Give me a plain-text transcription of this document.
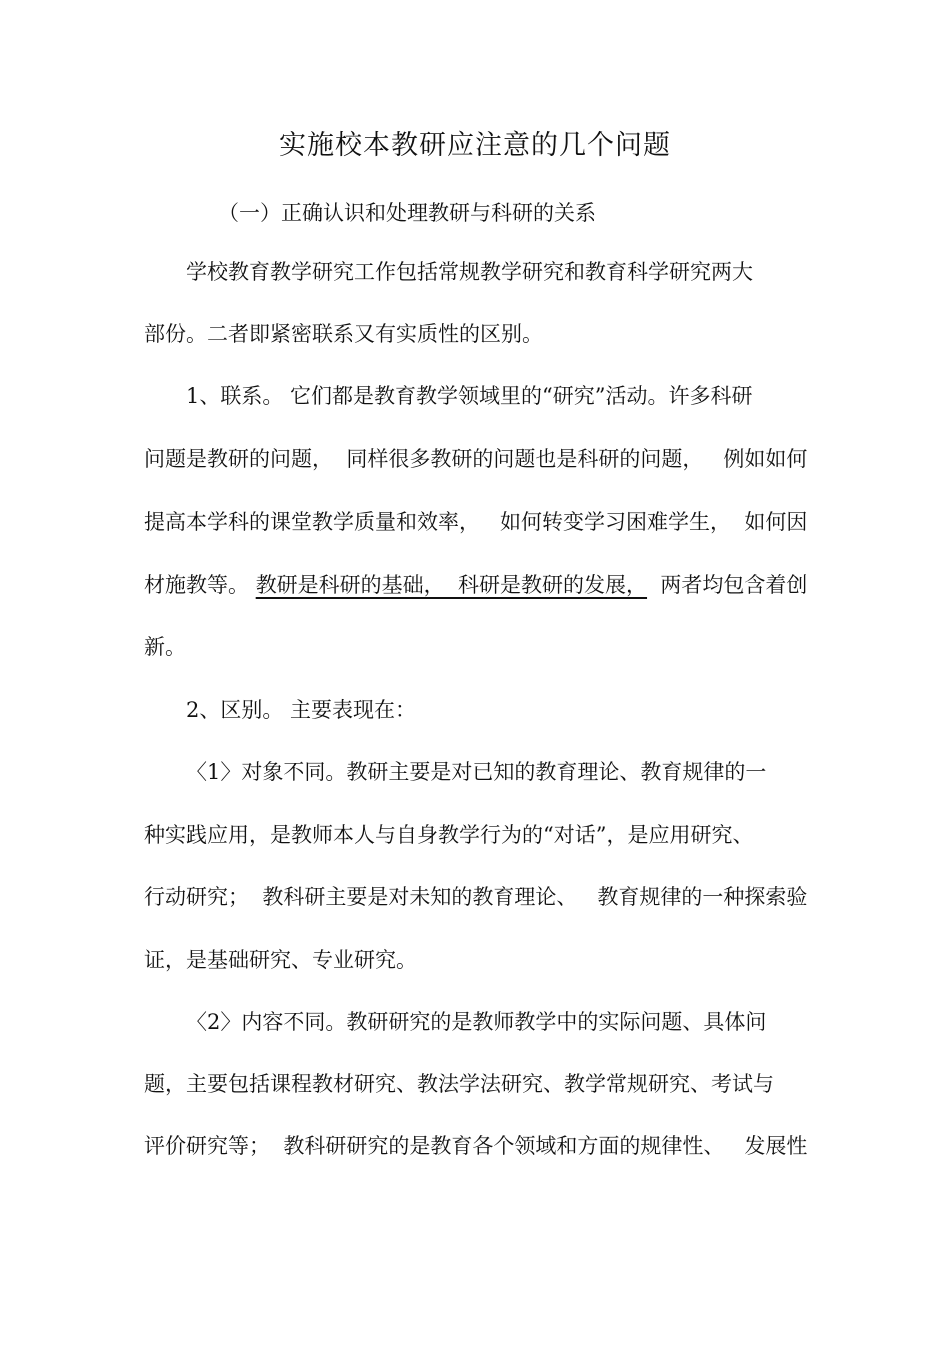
实施校本教研应注意的几个问题
（一）正确认识和处理教研与科研的关系
学校教育教学研究工作包括常规教学研究和教育科学研究两大
部份。二者即紧密联系又有实质性的区别。
1、联系。 它们都是教育教学领域里的“研究”活动。许多科研
问题是教研的问题，  同样很多教研的问题也是科研的问题，   例如如何
提高本学科的课堂教学质量和效率，   如何转变学习困难学生，  如何因
材施教等。 教研是科研的基础，  科研是教研的发展， 两者均包含着创
新。
2、区别。 主要表现在：
〈1〉对象不同。教研主要是对已知的教育理论、教育规律的一
种实践应用，是教师本人与自身教学行为的“对话”，是应用研究、
行动研究；  教科研主要是对未知的教育理论、   教育规律的一种探索验
证，是基础研究、专业研究。
〈2〉内容不同。教研研究的是教师教学中的实际问题、具体问
题，主要包括课程教材研究、教法学法研究、教学常规研究、考试与
评价研究等；  教科研研究的是教育各个领域和方面的规律性、   发展性
